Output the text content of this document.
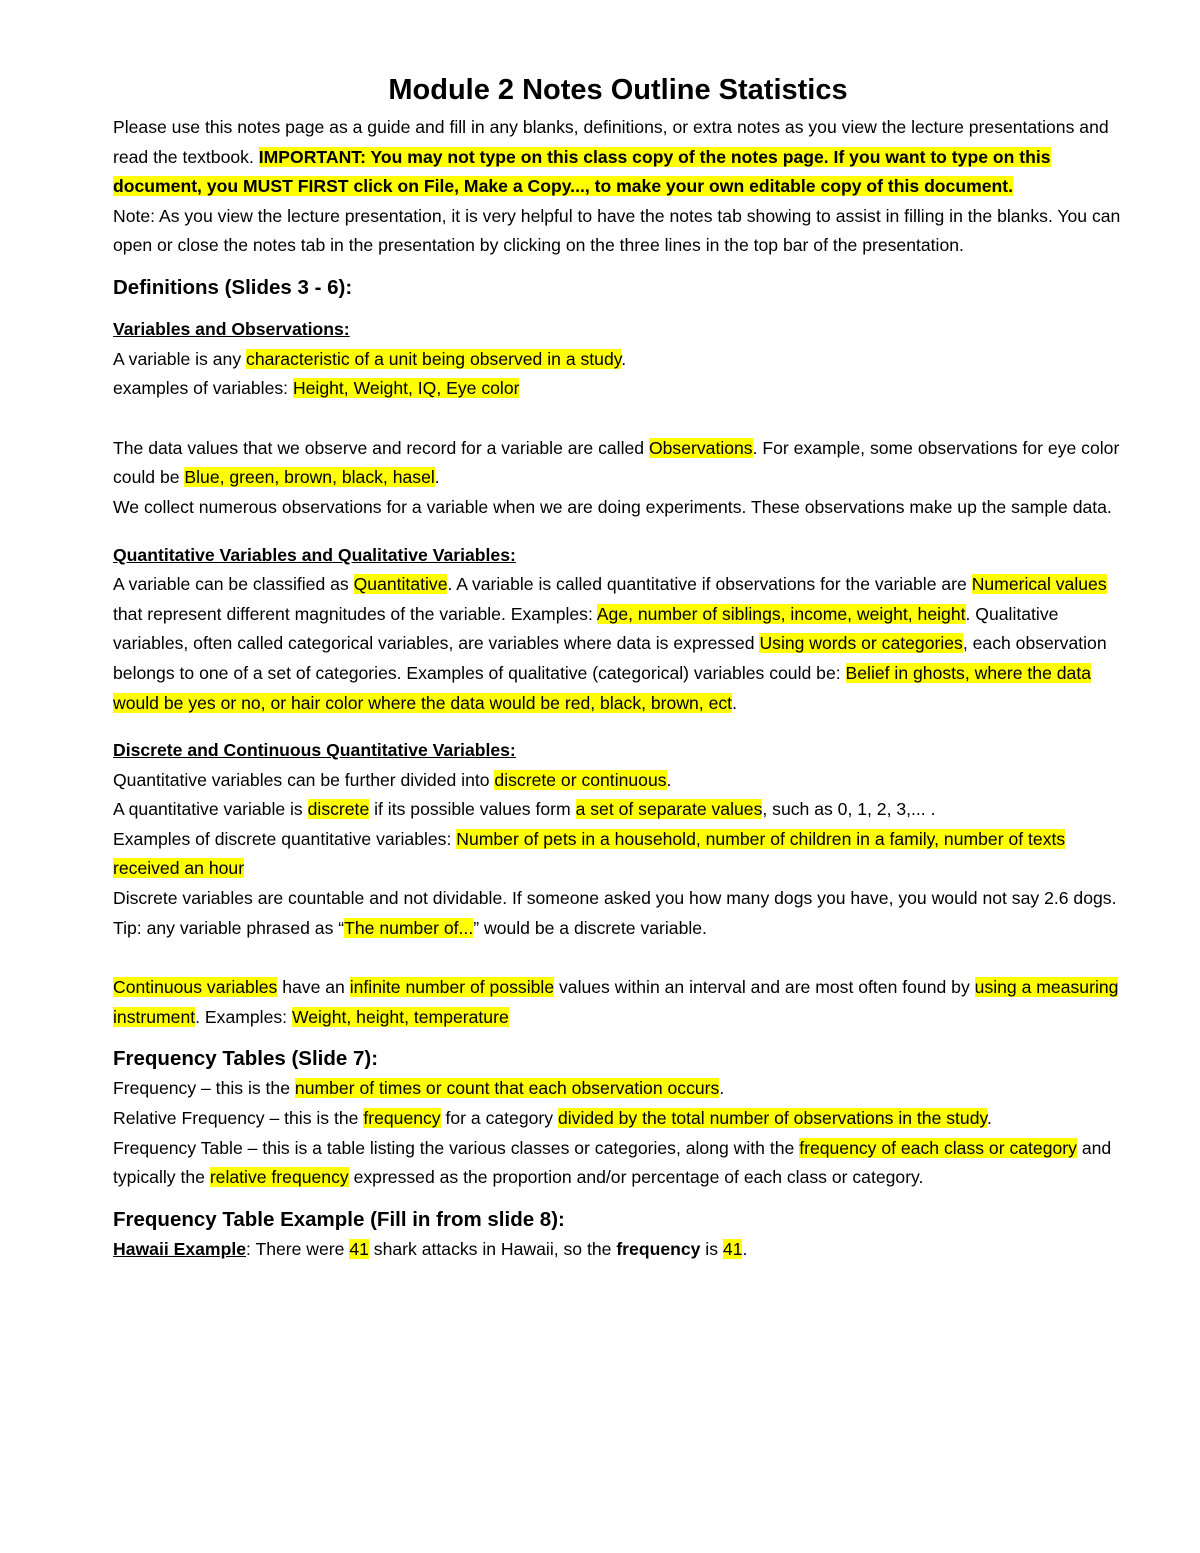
Module 2 Notes Outline Statistics

Please use this notes page as a guide and fill in any blanks, definitions, or extra notes as you view the lecture presentations and read the textbook. IMPORTANT: You may not type on this class copy of the notes page. If you want to type on this document, you MUST FIRST click on File, Make a Copy..., to make your own editable copy of this document.

Note: As you view the lecture presentation, it is very helpful to have the notes tab showing to assist in filling in the blanks. You can open or close the notes tab in the presentation by clicking on the three lines in the top bar of the presentation.

Definitions (Slides 3 - 6):

Variables and Observations:

A variable is any characteristic of a unit being observed in a study.

examples of variables: Height, Weight, IQ, Eye color

The data values that we observe and record for a variable are called Observations. For example, some observations for eye color could be Blue, green, brown, black, hasel.

We collect numerous observations for a variable when we are doing experiments. These observations make up the sample data.

Quantitative Variables and Qualitative Variables:

A variable can be classified as Quantitative. A variable is called quantitative if observations for the variable are Numerical values that represent different magnitudes of the variable. Examples: Age, number of siblings, income, weight, height. Qualitative variables, often called categorical variables, are variables where data is expressed Using words or categories, each observation belongs to one of a set of categories. Examples of qualitative (categorical) variables could be: Belief in ghosts, where the data would be yes or no, or hair color where the data would be red, black, brown, ect.

Discrete and Continuous Quantitative Variables:

Quantitative variables can be further divided into discrete or continuous.

A quantitative variable is discrete if its possible values form a set of separate values, such as 0, 1, 2, 3,... .

Examples of discrete quantitative variables: Number of pets in a household, number of children in a family, number of texts received an hour

Discrete variables are countable and not dividable. If someone asked you how many dogs you have, you would not say 2.6 dogs.

Tip: any variable phrased as “The number of...” would be a discrete variable.

Continuous variables have an infinite number of possible values within an interval and are most often found by using a measuring instrument. Examples: Weight, height, temperature

Frequency Tables (Slide 7):

Frequency – this is the number of times or count that each observation occurs.

Relative Frequency – this is the frequency for a category divided by the total number of observations in the study.

Frequency Table – this is a table listing the various classes or categories, along with the frequency of each class or category and typically the relative frequency expressed as the proportion and/or percentage of each class or category.

Frequency Table Example (Fill in from slide 8):

Hawaii Example: There were 41 shark attacks in Hawaii, so the frequency is 41.
